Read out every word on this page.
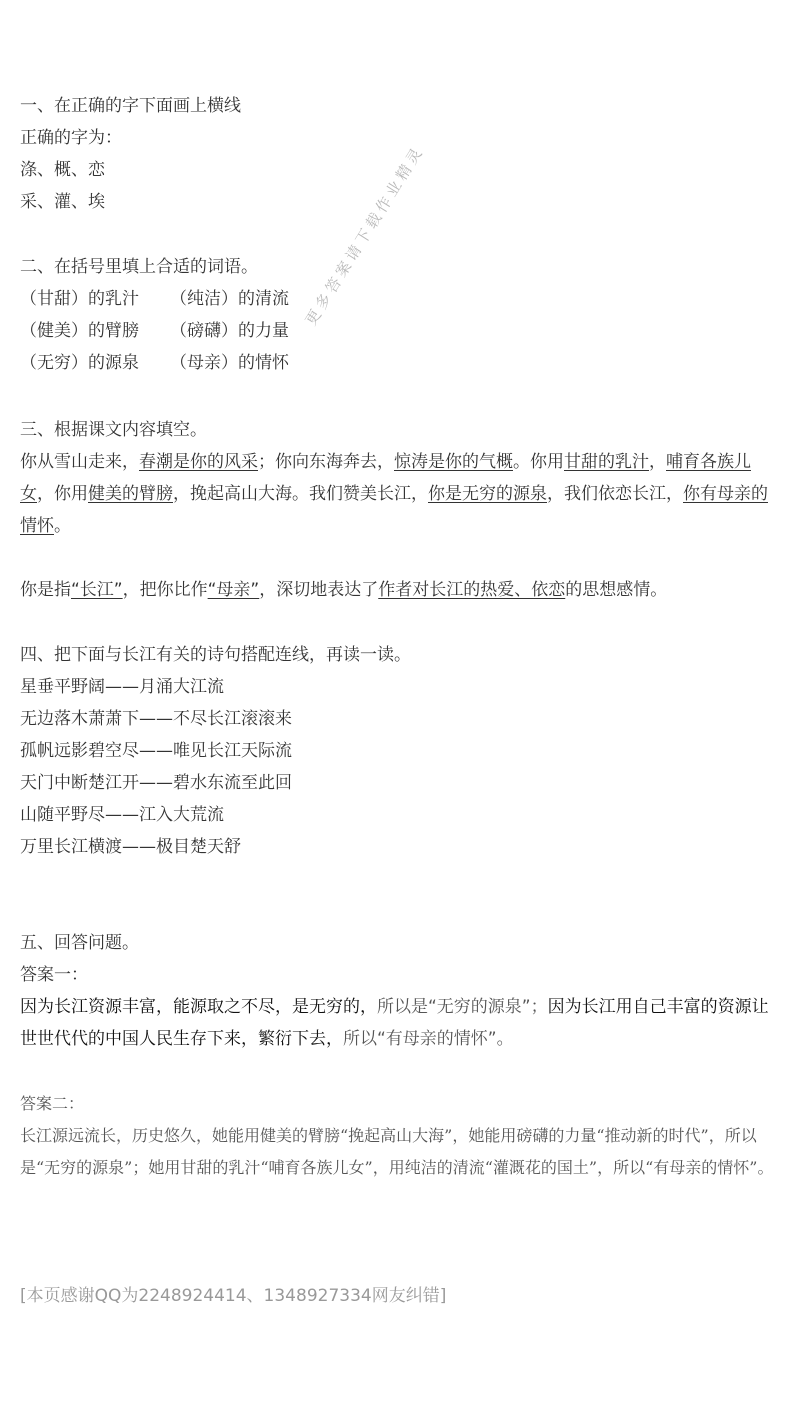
更多答案请下载作业精灵
一、在正确的字下面画上横线
正确的字为：
涤、概、恋
采、灌、埃
二、在括号里填上合适的词语。
（甘甜）的乳汁 （纯洁）的清流
（健美）的臂膀 （磅礴）的力量
（无穷）的源泉 （母亲）的情怀
三、根据课文内容填空。
你从雪山走来，春潮是你的风采；你向东海奔去，惊涛是你的气概。你用甘甜的乳汁，哺育各族儿女，你用健美的臂膀，挽起高山大海。我们赞美长江，你是无穷的源泉，我们依恋长江，你有母亲的情怀。
你是指“长江”，把你比作“母亲”，深切地表达了作者对长江的热爱、依恋的思想感情。
四、把下面与长江有关的诗句搭配连线，再读一读。
星垂平野阔——月涌大江流
无边落木萧萧下——不尽长江滚滚来
孤帆远影碧空尽——唯见长江天际流
天门中断楚江开——碧水东流至此回
山随平野尽——江入大荒流
万里长江横渡——极目楚天舒
五、回答问题。
答案一：
因为长江资源丰富，能源取之不尽，是无穷的，所以是“无穷的源泉”；因为长江用自己丰富的资源让世世代代的中国人民生存下来，繁衍下去，所以“有母亲的情怀”。
答案二：
长江源远流长，历史悠久，她能用健美的臂膀“挽起高山大海”，她能用磅礴的力量“推动新的时代”，所以是“无穷的源泉”；她用甘甜的乳汁“哺育各族儿女”，用纯洁的清流“灌溉花的国土”，所以“有母亲的情怀”。
[本页感谢QQ为2248924414、1348927334网友纠错]
